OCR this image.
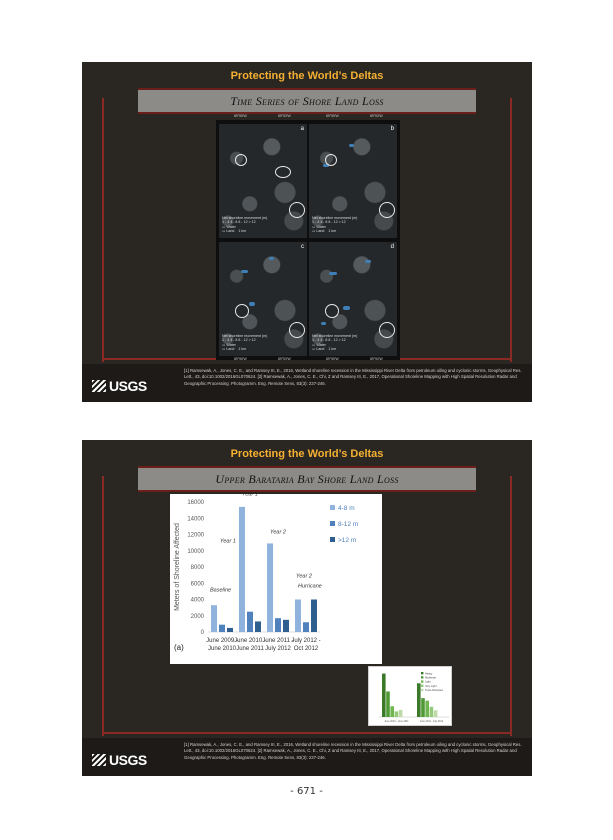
Protecting the World’s Deltas
Time Series of Shore Land Loss
89°55'W	89°53'W	89°55'W	89°53'W
a
Net shoreline movement (m)
1 - 4 4 - 8 8 - 12 > 12
▭ Water
▭ Land 1 km
b
Net shoreline movement (m)
1 - 4 4 - 8 8 - 12 > 12
▭ Water
▭ Land 1 km
c
Net shoreline movement (m)
1 - 4 4 - 8 8 - 12 > 12
▭ Water
▭ Land 1 km
d
Net shoreline movement (m)
1 - 4 4 - 8 8 - 12 > 12
▭ Water
▭ Land 1 km
89°55'W	89°53'W	89°55'W	89°53'W
USGS
[1] Ramsewak, A., Jones, C. E., and Ramsey III, E., 2016, Wetland shoreline recession in the Mississippi River Delta from petroleum oiling and cyclonic storms, Geophysical Res. Lett., 43, doi:10.1002/2016GL070624. [2] Ramsewak, A., Jones, C. E., Chi, Z and Ramsey III, E., 2017, Operational Shoreline Mapping with High Spatial Resolution Radar and Geographic Processing. Photogramm. Eng. Remote Sens, 83(3): 237-246.
Protecting the World’s Deltas
Upper Barataria Bay Shore Land Loss
Meters of Shoreline Affected
0
2000
4000
6000
8000
10000
12000
14000
16000
June 2009 -
June 2010
June 2010 -
June 2011
June 2011 -
July 2012
July 2012 -
Oct 2012
Baseline
Year 1
Year 1
Year 2
Year 2
Hurricane
(a)
4-8 m
8-12 m
>12 m
June 2010 - June 2011	June 2011 - July 2012
Heavy
Moderate
Light
Very Light
Trace Detected
USGS
[1] Ramsewak, A., Jones, C. E., and Ramsey III, E., 2016, Wetland shoreline recession in the Mississippi River Delta from petroleum oiling and cyclonic storms, Geophysical Res. Lett., 43, doi:10.1002/2016GL070624. [2] Ramsewak, A., Jones, C. E., Chi, Z and Ramsey III, E., 2017, Operational Shoreline Mapping with High Spatial Resolution Radar and Geographic Processing. Photogramm. Eng. Remote Sens, 83(3): 237-246.
- 671 -
